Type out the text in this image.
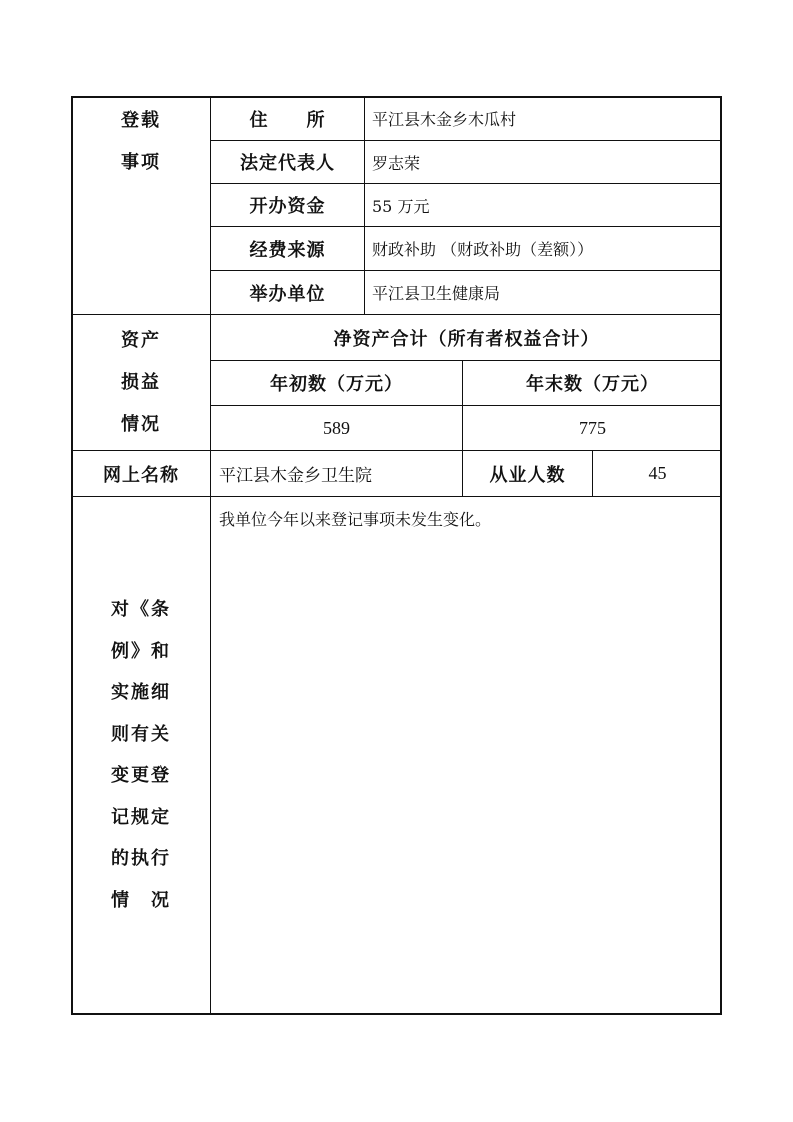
登载
事项
住　　所	平江县木金乡木瓜村
法定代表人	罗志荣
开办资金	55 万元
经费来源	财政补助 （财政补助（差额））
举办单位	平江县卫生健康局
资产
损益
情况
净资产合计（所有者权益合计）
年初数（万元）	年末数（万元）
589	775
网上名称	平江县木金乡卫生院	从业人数	45
对《条
例》和
实施细
则有关
变更登
记规定
的执行
情　况
我单位今年以来登记事项未发生变化。
